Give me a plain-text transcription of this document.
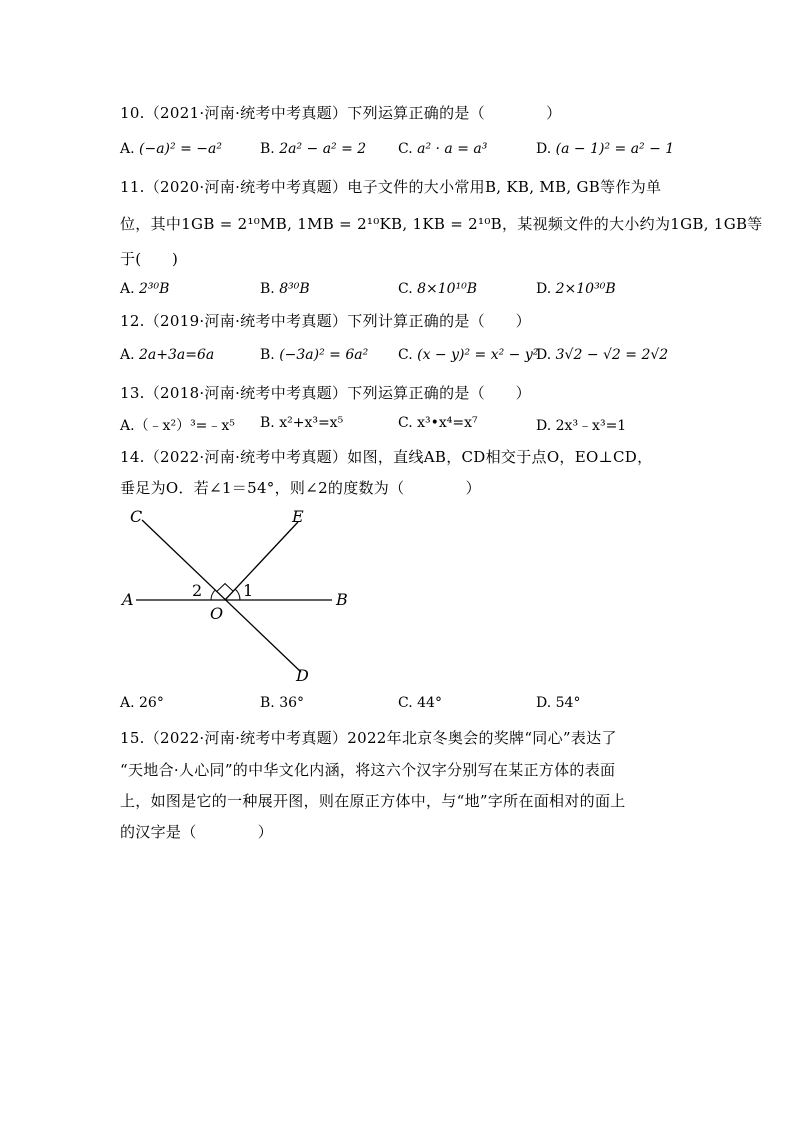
10.（2021·河南·统考中考真题）下列运算正确的是（　　　　）
A. (−a)² = −a²	B. 2a² − a² = 2 C. a² · a = a³	D. (a − 1)² = a² − 1
11.（2020·河南·统考中考真题）电子文件的大小常用B, KB, MB, GB等作为单
位，其中1GB = 2¹⁰MB, 1MB = 2¹⁰KB, 1KB = 2¹⁰B，某视频文件的大小约为1GB, 1GB等
于(　　)
A. 2³⁰B	B. 8³⁰B	C. 8×10¹⁰B	D. 2×10³⁰B
12.（2019·河南·统考中考真题）下列计算正确的是（　　）
A. 2a+3a=6a	B. (−3a)² = 6a² C. (x − y)² = x² − y²
D. 3√2 − √2 = 2√2
13.（2018·河南·统考中考真题）下列运算正确的是（　　）
A.（﹣x²）³=﹣x⁵ B. x²+x³=x⁵	C. x³•x⁴=x⁷	D. 2x³﹣x³=1
14.（2022·河南·统考中考真题）如图，直线AB，CD相交于点O，EO⊥CD，
垂足为O．若∠1＝54°，则∠2的度数为（　　　　）
A	B
C
D
E
O
1
2
A. 26°	B. 36°	C. 44°	D. 54°
15.（2022·河南·统考中考真题）2022年北京冬奥会的奖牌“同心”表达了
“天地合·人心同”的中华文化内涵，将这六个汉字分别写在某正方体的表面
上，如图是它的一种展开图，则在原正方体中，与“地”字所在面相对的面上
的汉字是（　　　　）
